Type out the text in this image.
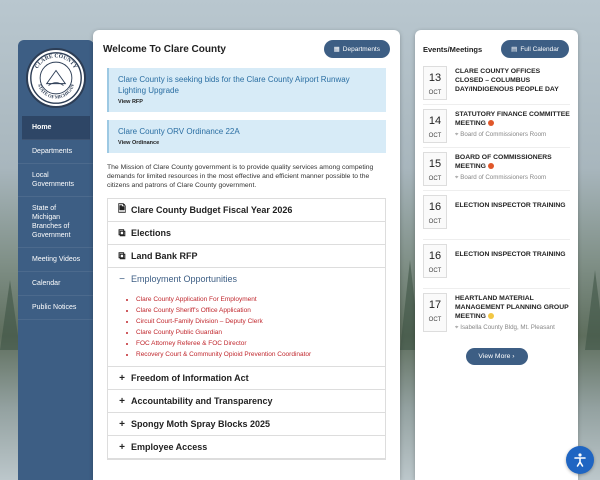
CLARE COUNTY
STATE OF MICHIGAN
Home
Departments
Local Governments
State of Michigan Branches of Government
Meeting Videos
Calendar
Public Notices
Welcome To Clare County	▦ Departments
Clare County is seeking bids for the Clare County Airport Runway Lighting Upgrade
View RFP
Clare County ORV Ordinance 22A
View Ordinance

The Mission of Clare County government is to provide quality services among competing demands for limited resources in the most effective and efficient manner possible to the citizens and patrons of Clare County government.

🗎 Clare County Budget Fiscal Year 2026
⧉ Elections
⧉ Land Bank RFP
− Employment Opportunities
• Clare County Application For Employment
• Clare County Sheriff's Office Application
• Circuit Court-Family Division – Deputy Clerk
• Clare County Public Guardian
• FOC Attorney Referee & FOC Director
• Recovery Court & Community Opioid Prevention Coordinator
+ Freedom of Information Act
+ Accountability and Transparency
+ Spongy Moth Spray Blocks 2025
+ Employee Access
Events/Meetings	▤ Full Calendar
13
OCT
CLARE COUNTY OFFICES CLOSED – COLUMBUS DAY/INDIGENOUS PEOPLE DAY
14
OCT
STATUTORY FINANCE COMMITTEE MEETING
⌖ Board of Commissioners Room
15
OCT
BOARD OF COMMISSIONERS MEETING
⌖ Board of Commissioners Room
16
OCT
ELECTION INSPECTOR TRAINING
16
OCT
ELECTION INSPECTOR TRAINING
17
OCT
HEARTLAND MATERIAL MANAGEMENT PLANNING GROUP MEETING
⌖ Isabella County Bldg, Mt. Pleasant
View More ›
